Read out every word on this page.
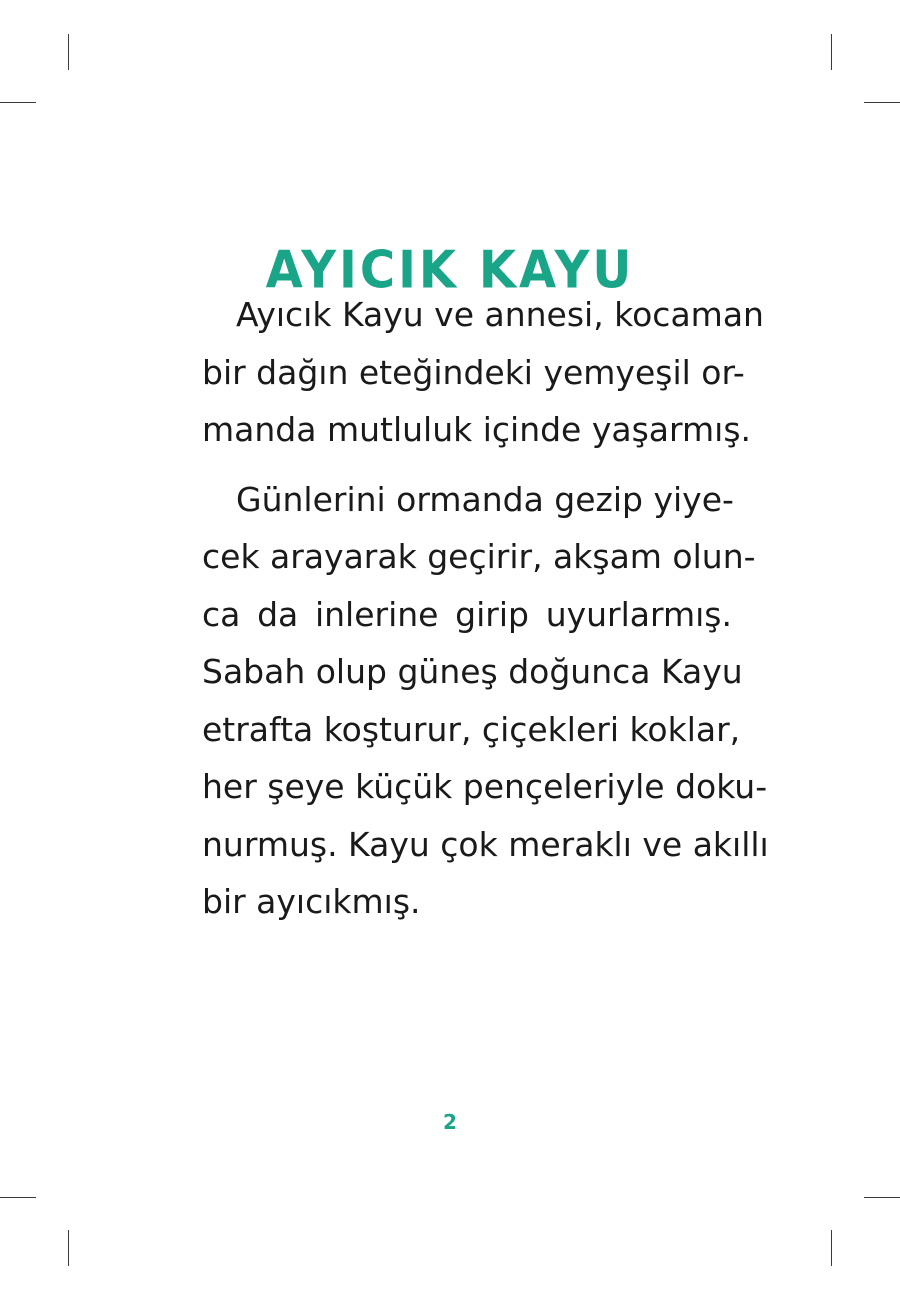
AYICIK KAYU
Ayıcık Kayu ve annesi, kocaman
bir dağın eteğindeki yemyeşil or-
manda mutluluk içinde yaşarmış.
Günlerini ormanda gezip yiye-
cek arayarak geçirir, akşam olun-
ca da inlerine girip uyurlarmış.
Sabah olup güneş doğunca Kayu
etrafta koşturur, çiçekleri koklar,
her şeye küçük pençeleriyle doku-
nurmuş. Kayu çok meraklı ve akıllı
bir ayıcıkmış.
2
